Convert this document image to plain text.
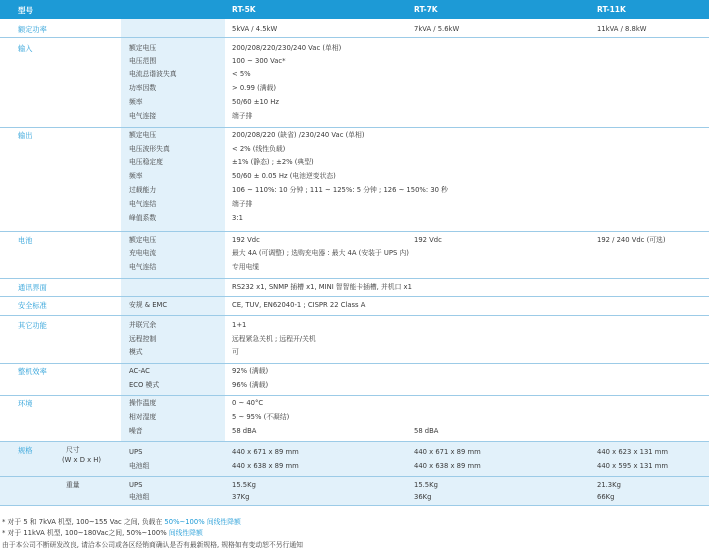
型号	RT-5K	RT-7K	RT-11K
额定功率	5kVA / 4.5kW	7kVA / 5.6kW	11kVA / 8.8kW
输入	额定电压	200/208/220/230/240 Vac (单相)
电压范围	100 ~ 300 Vac*
电流总谐波失真	< 5%
功率因数	> 0.99 (满载)
频率	50/60 ±10 Hz
电气连接	端子排
输出	额定电压	200/208/220 (缺省) /230/240 Vac (单相)
电压波形失真	< 2% (线性负载)
电压稳定度	±1% (静态) ; ±2% (典型)
频率	50/60 ± 0.05 Hz (电池逆变状态)
过载能力	106 ~ 110%: 10 分钟 ; 111 ~ 125%: 5 分钟 ; 126 ~ 150%: 30 秒
电气连结	端子排
峰值系数	3:1
电池	额定电压	192 Vdc	192 Vdc	192 / 240 Vdc (可选)
充电电流	最大 4A (可调整) ; 选购充电器 : 最大 4A (安装于 UPS 内)
电气连结	专用电缆
通讯界面	RS232 x1, SNMP 插槽 x1, MINI 智智能卡插槽, 并机口 x1
安全标准	安规 & EMC	CE, TUV, EN62040-1 ; CISPR 22 Class A
其它功能	并联冗余	1+1
远程控制	远程紧急关机 ; 远程开/关机
模式	可
整机效率	AC-AC	92% (满载)
ECO 模式	96% (满载)
环境	操作温度	0 ~ 40°C
相对湿度	5 ~ 95% (不凝结)
噪音	58 dBA	58 dBA
规格	尺寸
(W x D x H)
UPS	440 x 671 x 89 mm	440 x 671 x 89 mm	440 x 623 x 131 mm
电池组	440 x 638 x 89 mm	440 x 638 x 89 mm	440 x 595 x 131 mm
重量	UPS	15.5Kg	15.5Kg	21.3Kg
电池组	37Kg	36Kg	66Kg
* 对于 5 和 7kVA 机型, 100~155 Vac 之间, 负载在 50%~100% 间线性降额
* 对于 11kVA 机型, 100~180Vac之间, 50%~100% 间线性降额
由于本公司不断研发改良, 请洽本公司或各区经销商确认是否有最新规格, 规格如有变动恕不另行通知
